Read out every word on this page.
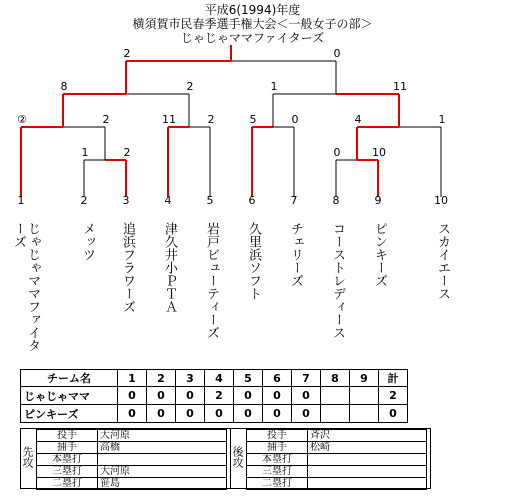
平成6(1994)年度
横須賀市民春季選手権大会＜一般女子の部＞
じゃじゃママファイターズ
2	0
8	2	1	11
②	2	11	2	5	0	4	1
1	2	0	10
1	2	3	4	5	6	7	8	9	10
じゃじゃママファイターズ	メッツ 追浜フラワーズ 津久井小ＰＴＡ 岩戸ビューティーズ 久里浜ソフト チェリーズ コーストレディース ピンキーズ	スカイエース
チーム名	1	2	3	4	5	6	7	8	9	計
じゃじゃママ	0	0	0	2	0	0	0			2
ピンキーズ	0	0	0	0	0	0	0			0
先攻	後攻
投手	大河原
捕手	高橋
本塁打	
三塁打	大河原
二塁打	笹島
投手	斉沢
捕手	松崎
本塁打	
三塁打	
二塁打	
